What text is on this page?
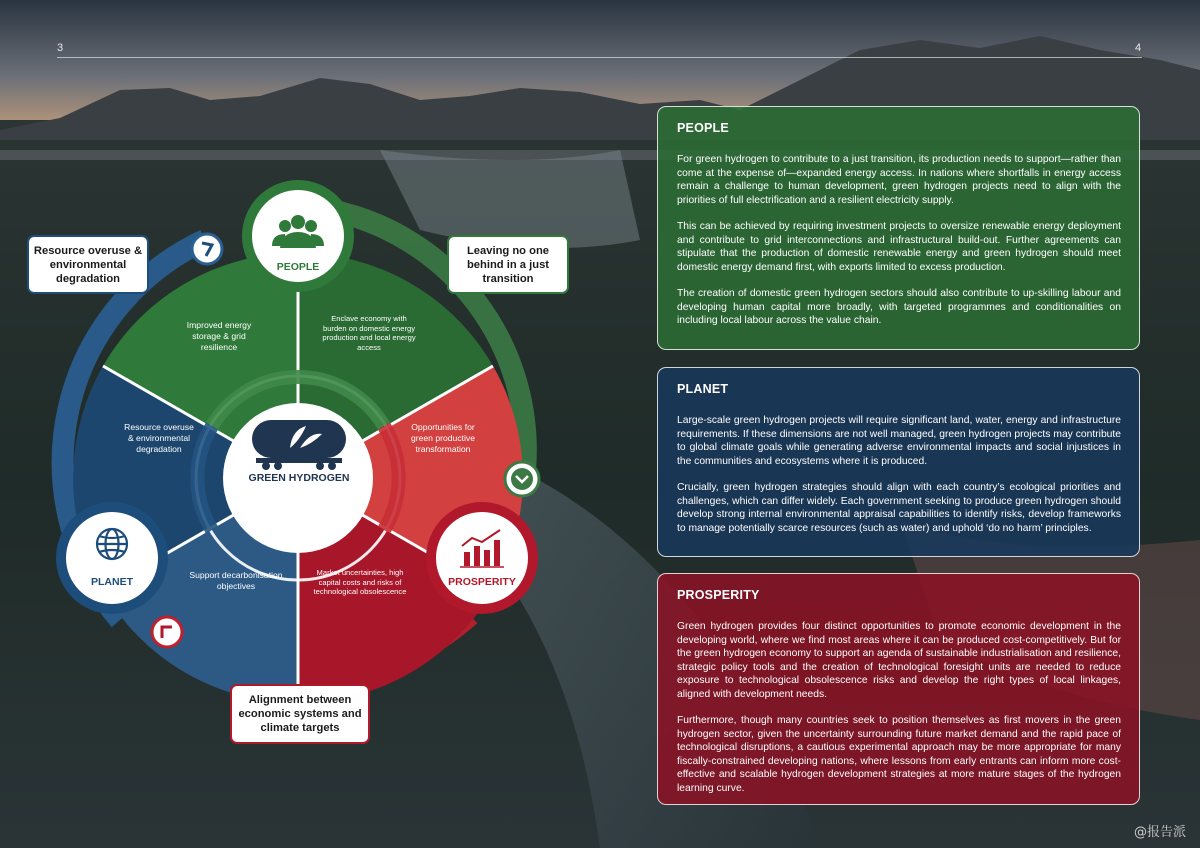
3	4
PEOPLE
PLANET	PROSPERITY
GREEN HYDROGEN
Improved energy storage & grid resilience
Enclave economy with burden on domestic energy production and local energy access
Resource overuse & environmental degradation
Support decarbonisation objectives
Opportunities for green productive transformation
Market uncertainties, high capital costs and risks of technological obsolescence
Resource overuse & environmental degradation
Leaving no one behind in a just transition
Alignment between economic systems and climate targets
PEOPLE

For green hydrogen to contribute to a just transition, its production needs to support—rather than come at the expense of—expanded energy access. In nations where shortfalls in energy access remain a challenge to human development, green hydrogen projects need to align with the priorities of full electrification and a resilient electricity supply.

This can be achieved by requiring investment projects to oversize renewable energy deployment and contribute to grid interconnections and infrastructural build-out. Further agreements can stipulate that the production of domestic renewable energy and green hydrogen should meet domestic energy demand first, with exports limited to excess production.

The creation of domestic green hydrogen sectors should also contribute to up-skilling labour and developing human capital more broadly, with targeted programmes and conditionalities on including local labour across the value chain.

PLANET

Large-scale green hydrogen projects will require significant land, water, energy and infrastructure requirements. If these dimensions are not well managed, green hydrogen projects may contribute to global climate goals while generating adverse environmental impacts and social injustices in the communities and ecosystems where it is produced.

Crucially, green hydrogen strategies should align with each country’s ecological priorities and challenges, which can differ widely. Each government seeking to produce green hydrogen should develop strong internal environmental appraisal capabilities to identify risks, develop frameworks to manage potentially scarce resources (such as water) and uphold ‘do no harm’ principles.

PROSPERITY

Green hydrogen provides four distinct opportunities to promote economic development in the developing world, where we find most areas where it can be produced cost-competitively. But for the green hydrogen economy to support an agenda of sustainable industrialisation and resilience, strategic policy tools and the creation of technological foresight units are needed to reduce exposure to technological obsolescence risks and develop the right types of local linkages, aligned with development needs.

Furthermore, though many countries seek to position themselves as first movers in the green hydrogen sector, given the uncertainty surrounding future market demand and the rapid pace of technological disruptions, a cautious experimental approach may be more appropriate for many fiscally-constrained developing nations, where lessons from early entrants can inform more cost-effective and scalable hydrogen development strategies at more mature stages of the hydrogen learning curve.

@报告派
